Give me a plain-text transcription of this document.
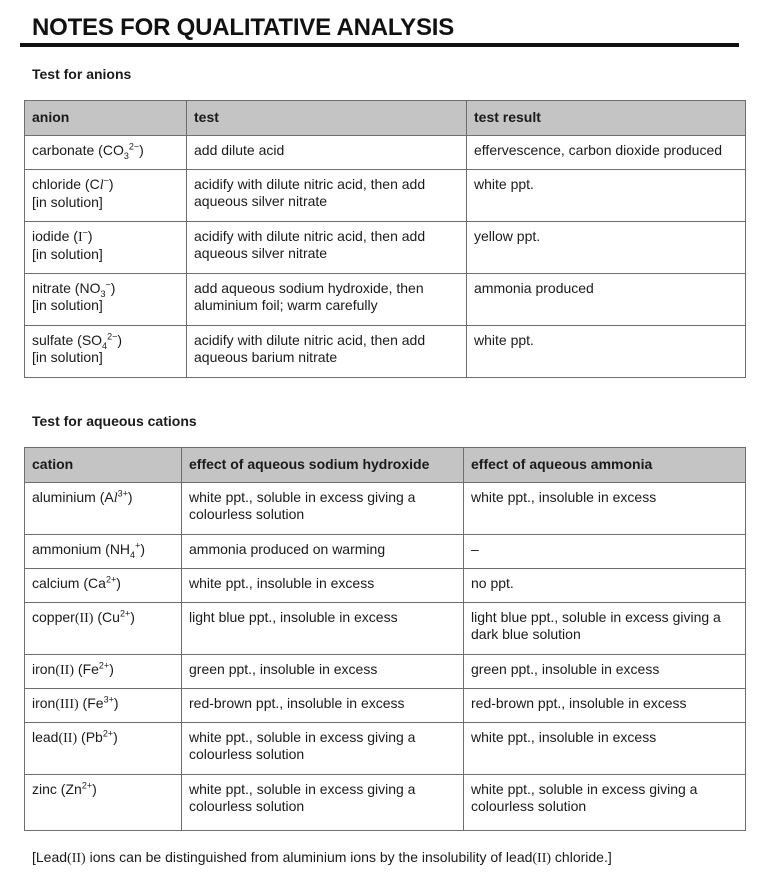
NOTES FOR QUALITATIVE ANALYSIS
Test for anions
anion	test	test result
carbonate $(CO_3^{2-})$	add dilute acid	effervescence, carbon dioxide produced
chloride (Cl−)
[in solution]	acidify with dilute nitric acid, then add aqueous silver nitrate	white ppt.
iodide (I−)
[in solution]	acidify with dilute nitric acid, then add aqueous silver nitrate	yellow ppt.
nitrate $(NO_3^-)$
[in solution]	add aqueous sodium hydroxide, then aluminium foil; warm carefully	ammonia produced
sulfate $(SO_4^{2-})$
[in solution]	acidify with dilute nitric acid, then add aqueous barium nitrate	white ppt.
Test for aqueous cations
cation	effect of aqueous sodium hydroxide	effect of aqueous ammonia
aluminium $(Al^{3+})$	white ppt., soluble in excess giving a colourless solution	white ppt., insoluble in excess
ammonium $(NH_4^+)$	ammonia produced on warming	–
calcium $(Ca^{2+})$	white ppt., insoluble in excess	no ppt.
copper(II) $(Cu^{2+})$	light blue ppt., insoluble in excess	light blue ppt., soluble in excess giving a dark blue solution
iron(II) $(Fe^{2+})$	green ppt., insoluble in excess	green ppt., insoluble in excess
iron(III) $(Fe^{3+})$	red-brown ppt., insoluble in excess	red-brown ppt., insoluble in excess
lead(II) $(Pb^{2+})$	white ppt., soluble in excess giving a colourless solution	white ppt., insoluble in excess
zinc $(Zn^{2+})$	white ppt., soluble in excess giving a colourless solution	white ppt., soluble in excess giving a colourless solution

[Lead(II) ions can be distinguished from aluminium ions by the insolubility of lead(II) chloride.]
